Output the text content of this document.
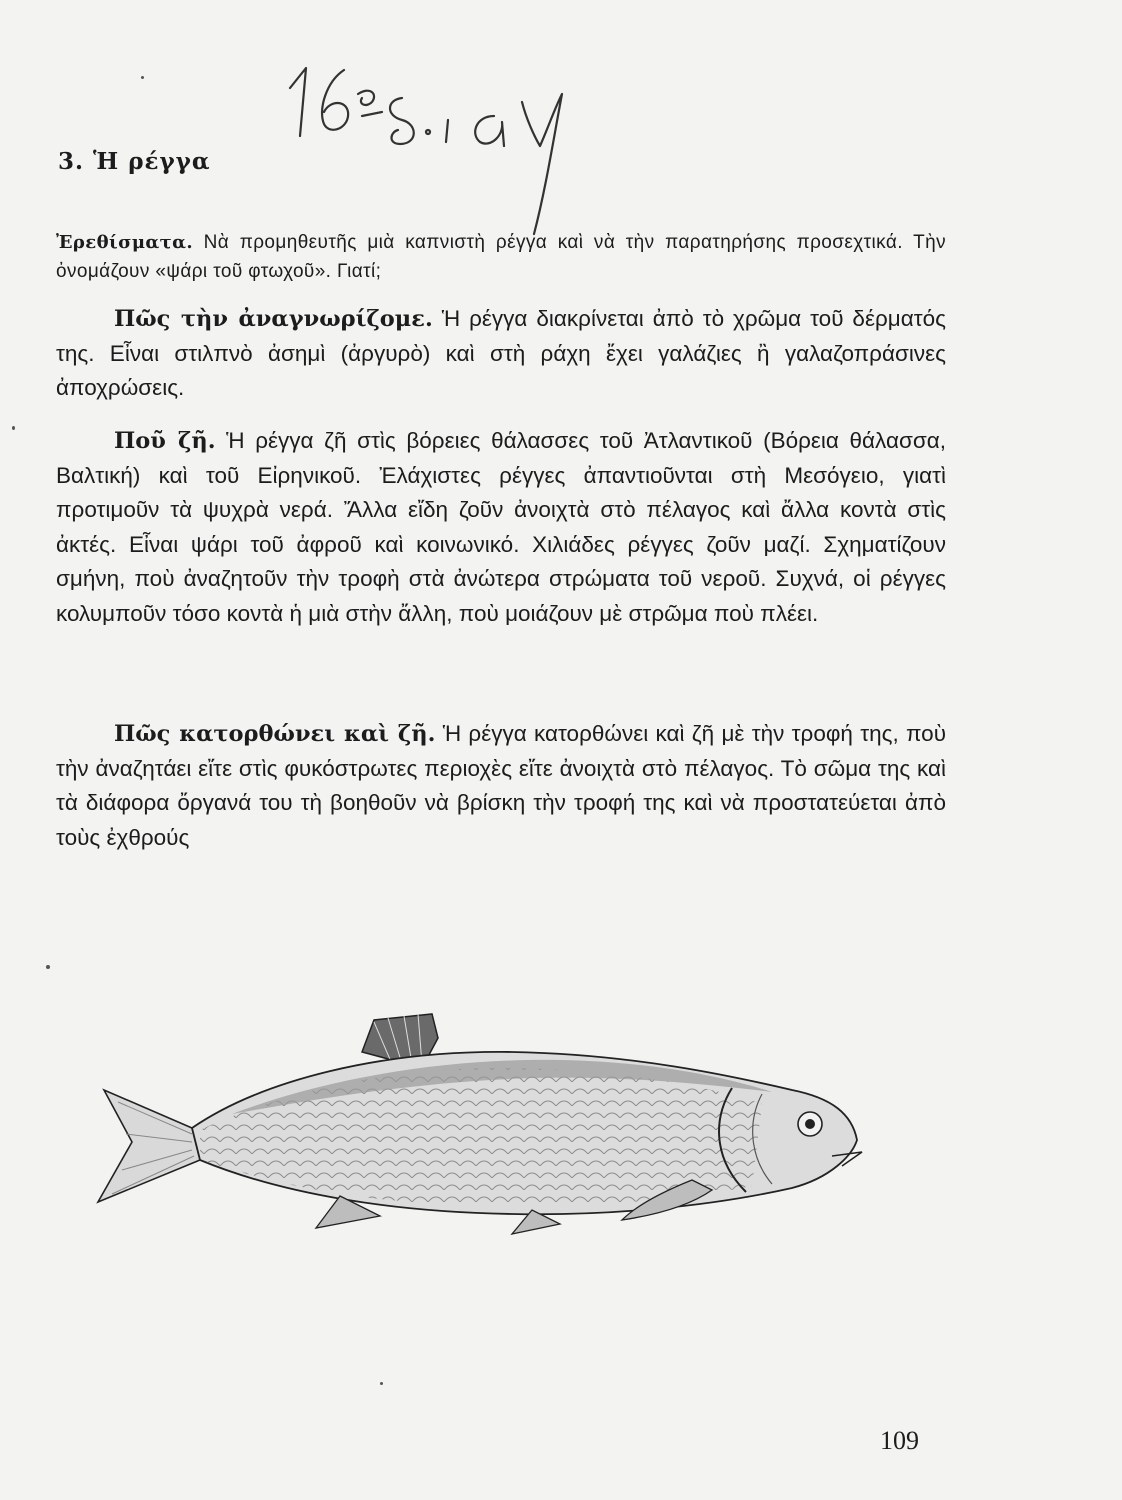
3. Ἡ ρέγγα

Ἐρεθίσματα. Νὰ προμηθευτῆς μιὰ καπνιστὴ ρέγγα καὶ νὰ τὴν παρατηρήσης προσεχτικά. Τὴν ὀνομάζουν «ψάρι τοῦ φτωχοῦ». Γιατί;

Πῶς τὴν ἀναγνωρίζομε. Ἡ ρέγγα διακρίνεται ἀπὸ τὸ χρῶμα τοῦ δέρματός της. Εἶναι στιλπνὸ ἀσημὶ (ἀργυρὸ) καὶ στὴ ράχη ἔχει γαλάζιες ἢ γαλαζοπράσινες ἀποχρώσεις.

Ποῦ ζῆ. Ἡ ρέγγα ζῆ στὶς βόρειες θάλασσες τοῦ Ἀτλαντικοῦ (Βόρεια θάλασσα, Βαλτική) καὶ τοῦ Εἰρηνικοῦ. Ἐλάχιστες ρέγγες ἀπαντιοῦνται στὴ Μεσόγειο, γιατὶ προτιμοῦν τὰ ψυχρὰ νερά. Ἄλλα εἴδη ζοῦν ἀνοιχτὰ στὸ πέλαγος καὶ ἄλλα κοντὰ στὶς ἀκτές. Εἶναι ψάρι τοῦ ἀφροῦ καὶ κοινωνικό. Χιλιάδες ρέγγες ζοῦν μαζί. Σχηματίζουν σμήνη, ποὺ ἀναζητοῦν τὴν τροφὴ στὰ ἀνώτερα στρώματα τοῦ νεροῦ. Συχνά, οἱ ρέγγες κολυμποῦν τόσο κοντὰ ἡ μιὰ στὴν ἄλλη, ποὺ μοιάζουν μὲ στρῶμα ποὺ πλέει.

Πῶς κατορθώνει καὶ ζῆ. Ἡ ρέγγα κατορθώνει καὶ ζῆ μὲ τὴν τροφή της, ποὺ τὴν ἀναζητάει εἴτε στὶς φυκόστρωτες περιοχὲς εἴτε ἀνοιχτὰ στὸ πέλαγος. Τὸ σῶμα της καὶ τὰ διάφορα ὄργανά του τὴ βοηθοῦν νὰ βρίσκη τὴν τροφή της καὶ νὰ προστατεύεται ἀπὸ τοὺς ἐχθρούς

109
